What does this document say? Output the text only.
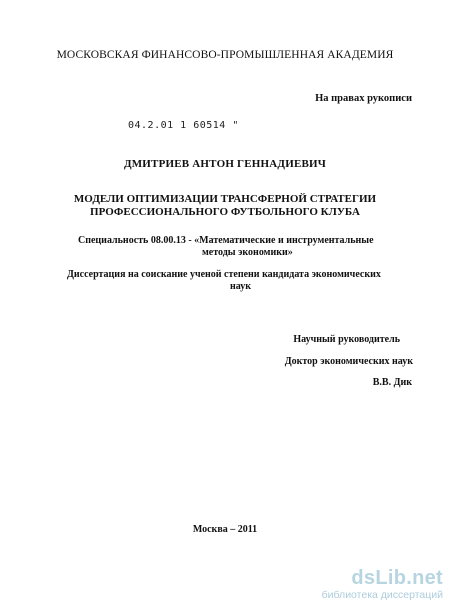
МОСКОВСКАЯ ФИНАНСОВО-ПРОМЫШЛЕННАЯ АКАДЕМИЯ
На правах рукописи
04.2.01 1 60514 "
ДМИТРИЕВ АНТОН ГЕННАДИЕВИЧ
МОДЕЛИ ОПТИМИЗАЦИИ ТРАНСФЕРНОЙ СТРАТЕГИИ
ПРОФЕССИОНАЛЬНОГО ФУТБОЛЬНОГО КЛУБА
Специальность 08.00.13 - «Математические и инструментальные
методы экономики»
Диссертация на соискание ученой степени кандидата экономических
наук
Научный руководитель
Доктор экономических наук
В.В. Дик
Москва – 2011
dsLib.net
библиотека диссертаций
